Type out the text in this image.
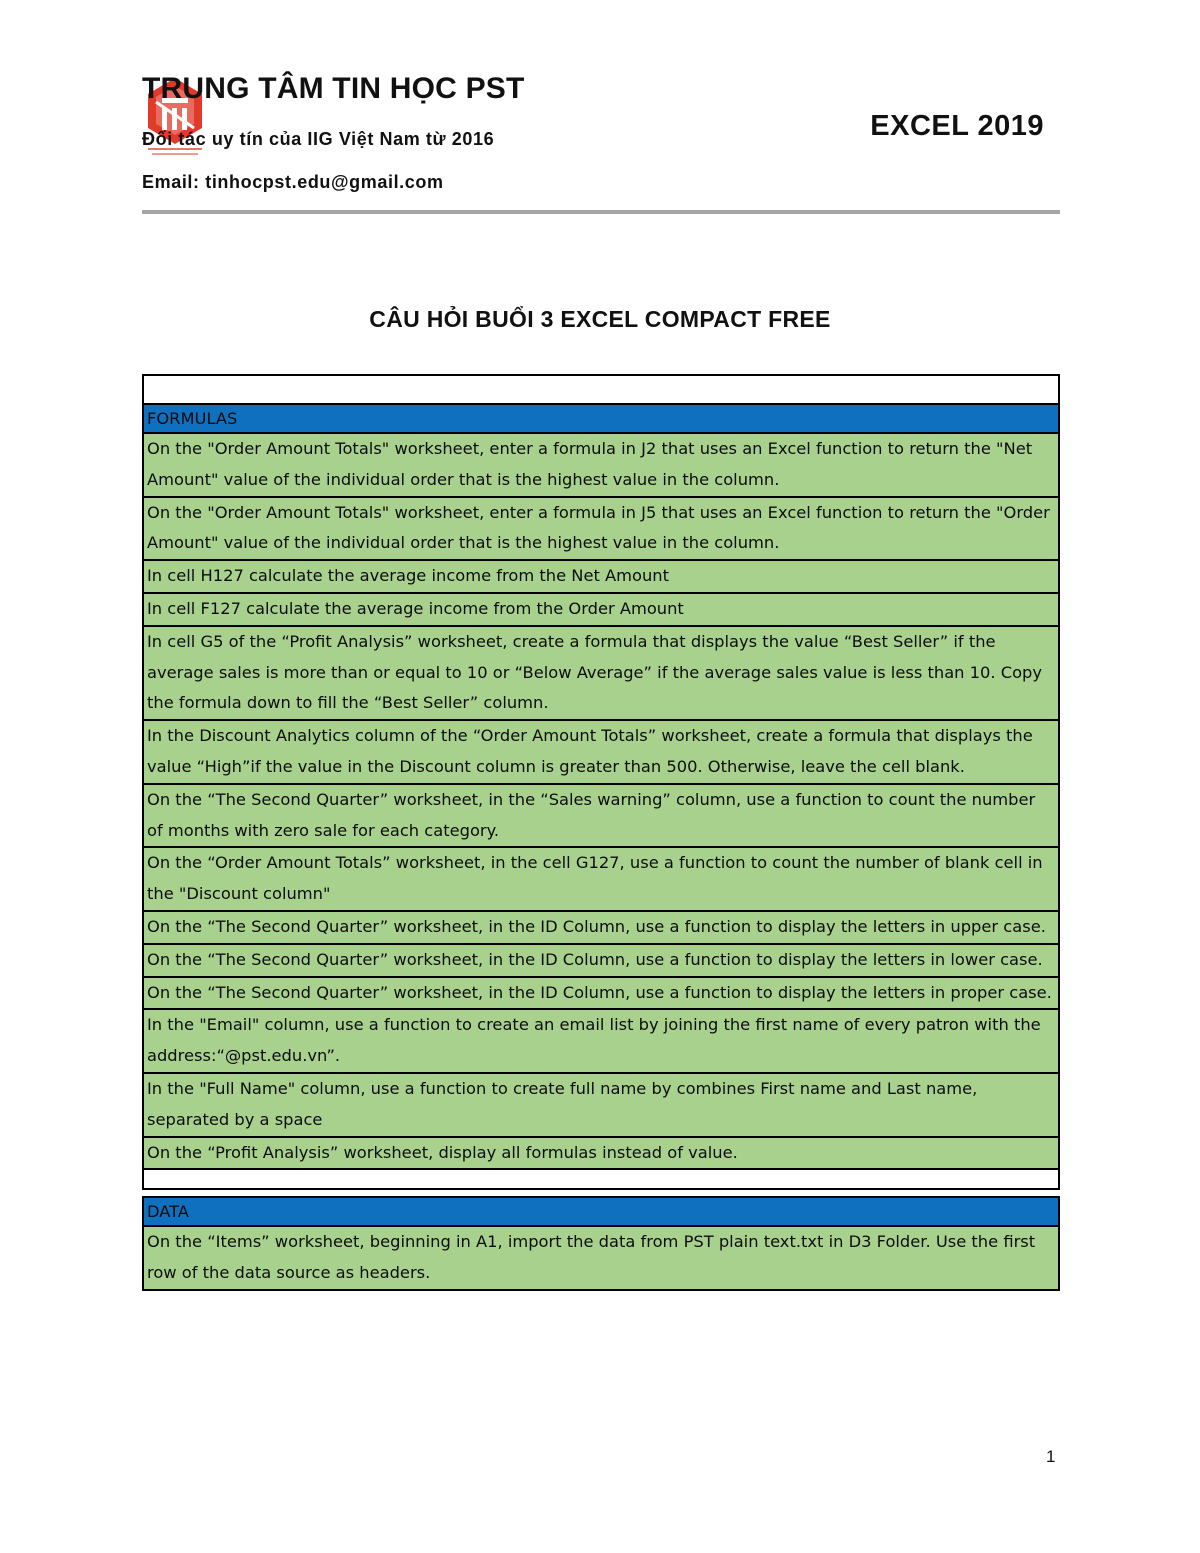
TRUNG TÂM TIN HỌC PST
Đối tác uy tín của IIG Việt Nam từ 2016
Email: tinhocpst.edu@gmail.com
EXCEL 2019
CÂU HỎI BUỔI 3 EXCEL COMPACT FREE

FORMULAS
On the "Order Amount Totals" worksheet, enter a formula in J2 that uses an Excel function to return the "Net Amount" value of the individual order that is the highest value in the column.
On the "Order Amount Totals" worksheet, enter a formula in J5 that uses an Excel function to return the "Order Amount" value of the individual order that is the highest value in the column.
In cell H127 calculate the average income from the Net Amount
In cell F127 calculate the average income from the Order Amount
In cell G5 of the “Profit Analysis” worksheet, create a formula that displays the value “Best Seller” if the average sales is more than or equal to 10 or “Below Average” if the average sales value is less than 10. Copy the formula down to fill the “Best Seller” column.
In the Discount Analytics column of the “Order Amount Totals” worksheet, create a formula that displays the value “High”if the value in the Discount column is greater than 500. Otherwise, leave the cell blank.
On the “The Second Quarter” worksheet, in the “Sales warning” column, use a function to count the number of months with zero sale for each category.
On the “Order Amount Totals” worksheet, in the cell G127, use a function to count the number of blank cell in the "Discount column"
On the “The Second Quarter” worksheet, in the ID Column, use a function to display the letters in upper case.
On the “The Second Quarter” worksheet, in the ID Column, use a function to display the letters in lower case.
On the “The Second Quarter” worksheet, in the ID Column, use a function to display the letters in proper case.
In the "Email" column, use a function to create an email list by joining the first name of every patron with the address:“@pst.edu.vn”.
In the "Full Name" column, use a function to create full name by combines First name and Last name, separated by a space
On the “Profit Analysis” worksheet, display all formulas instead of value.

DATA
On the “Items” worksheet, beginning in A1, import the data from PST plain text.txt in D3 Folder. Use the first row of the data source as headers.
1
